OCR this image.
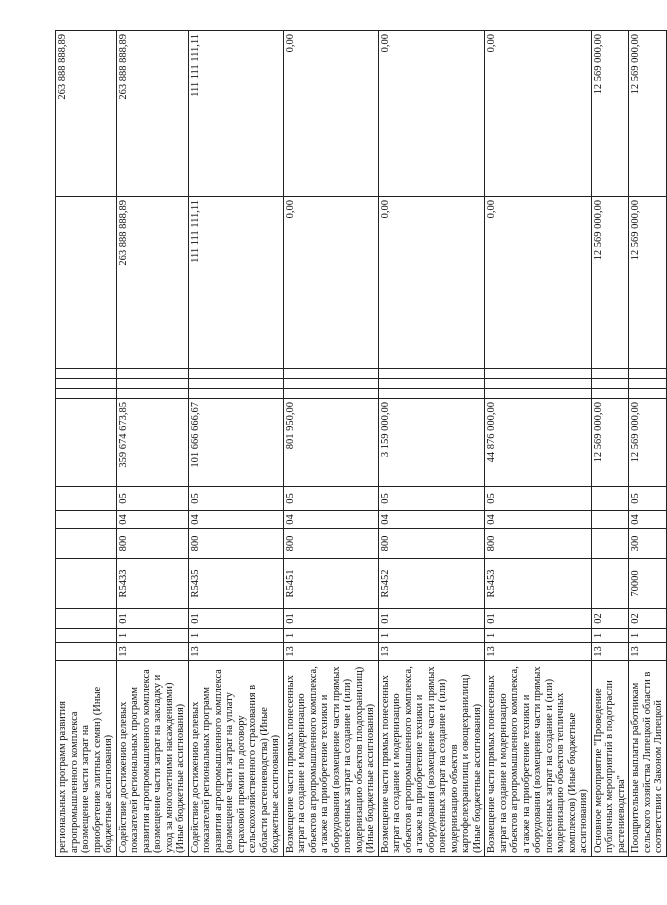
региональных программ развития агропромышленного комплекса (возмещение части затрат на приобретение элитных семян) (Иные бюджетные ассигнования)													263 888 888,89
Содействие достижению целевых показателей региональных программ развития агропромышленного комплекса (возмещение части затрат на закладку и уход за многолетними насаждениями) (Иные бюджетные ассигнования)	13	1	01	R5433	800	04	05	359 674 673,85				263 888 888,89	263 888 888,89
Содействие достижению целевых показателей региональных программ развития агропромышленного комплекса (возмещение части затрат на уплату страховой премии по договору сельскохозяйственного страхования в области растениеводства) (Иные бюджетные ассигнования)	13	1	01	R5435	800	04	05	101 666 666,67				111 111 111,11	111 111 111,11
Возмещение части прямых понесенных затрат на создание и модернизацию объектов агропромышленного комплекса, а также на приобретение техники и оборудования (возмещение части прямых понесенных затрат на создание и (или) модернизацию объектов плодохранилищ) (Иные бюджетные ассигнования)	13	1	01	R5451	800	04	05	801 950,00				0,00	0,00
Возмещение части прямых понесенных затрат на создание и модернизацию объектов агропромышленного комплекса, а также на приобретение техники и оборудования (возмещение части прямых понесенных затрат на создание и (или) модернизацию объектов картофелехранилищ и овощехранилищ) (Иные бюджетные ассигнования)	13	1	01	R5452	800	04	05	3 159 000,00				0,00	0,00
Возмещение части прямых понесенных затрат на создание и модернизацию объектов агропромышленного комплекса, а также на приобретение техники и оборудования (возмещение части прямых понесенных затрат на создание и (или) модернизацию объектов тепличных комплексов) (Иные бюджетные ассигнования)	13	1	01	R5453	800	04	05	44 876 000,00				0,00	0,00
Основное мероприятие "Проведение публичных мероприятий в подотрасли растениеводства"	13	1	02					12 569 000,00				12 569 000,00	12 569 000,00
Поощрительные выплаты работникам сельского хозяйства Липецкой области в соответствии с Законом Липецкой	13	1	02	70000	300	04	05	12 569 000,00				12 569 000,00	12 569 000,00
